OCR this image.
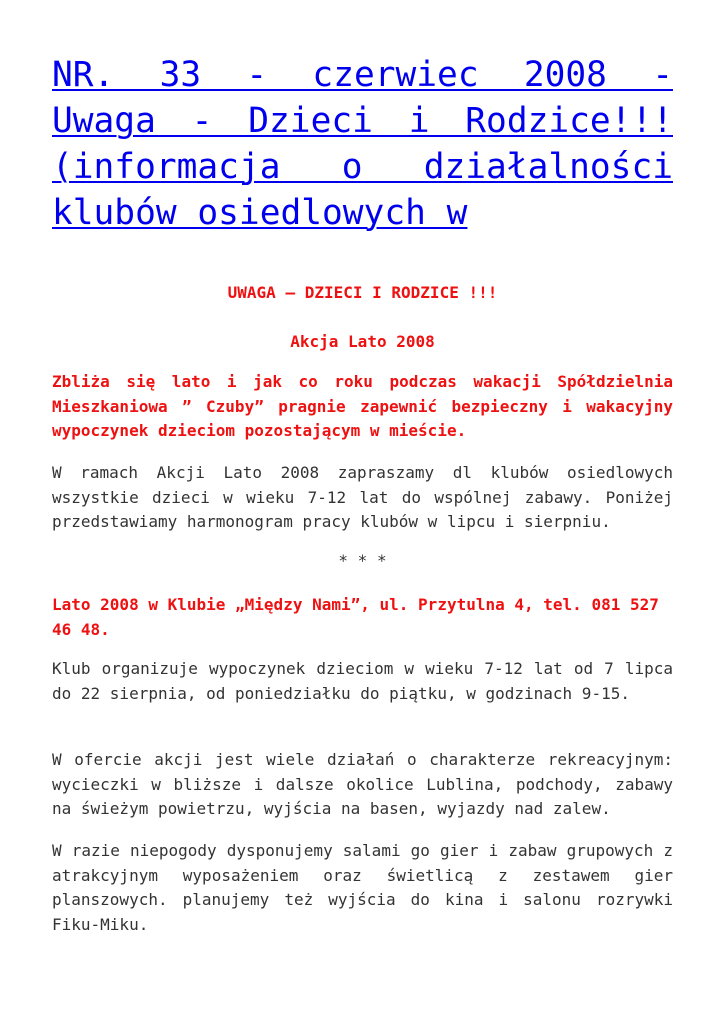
NR. 33 - czerwiec 2008 - Uwaga - Dzieci i Rodzice!!! (informacja o działalności klubów osiedlowych w

UWAGA – DZIECI I RODZICE !!!

Akcja Lato 2008

Zbliża się lato i jak co roku podczas wakacji Spółdzielnia Mieszkaniowa ” Czuby” pragnie zapewnić bezpieczny i wakacyjny wypoczynek dzieciom pozostającym w mieście.

W ramach Akcji Lato 2008 zapraszamy dl klubów osiedlowych wszystkie dzieci w wieku 7-12 lat do wspólnej zabawy. Poniżej przedstawiamy harmonogram pracy klubów w lipcu i sierpniu.

* * *

Lato 2008 w Klubie „Między Nami”, ul. Przytulna 4, tel. 081 527 46 48.

Klub organizuje wypoczynek dzieciom w wieku 7-12 lat od 7 lipca do 22 sierpnia, od poniedziałku do piątku, w godzinach 9-15.

W ofercie akcji jest wiele działań o charakterze rekreacyjnym: wycieczki w bliższe i dalsze okolice Lublina, podchody, zabawy na świeżym powietrzu, wyjścia na basen, wyjazdy nad zalew.

W razie niepogody dysponujemy salami go gier i zabaw grupowych z atrakcyjnym wyposażeniem oraz świetlicą z zestawem gier planszowych. planujemy też wyjścia do kina i salonu rozrywki Fiku-Miku.
